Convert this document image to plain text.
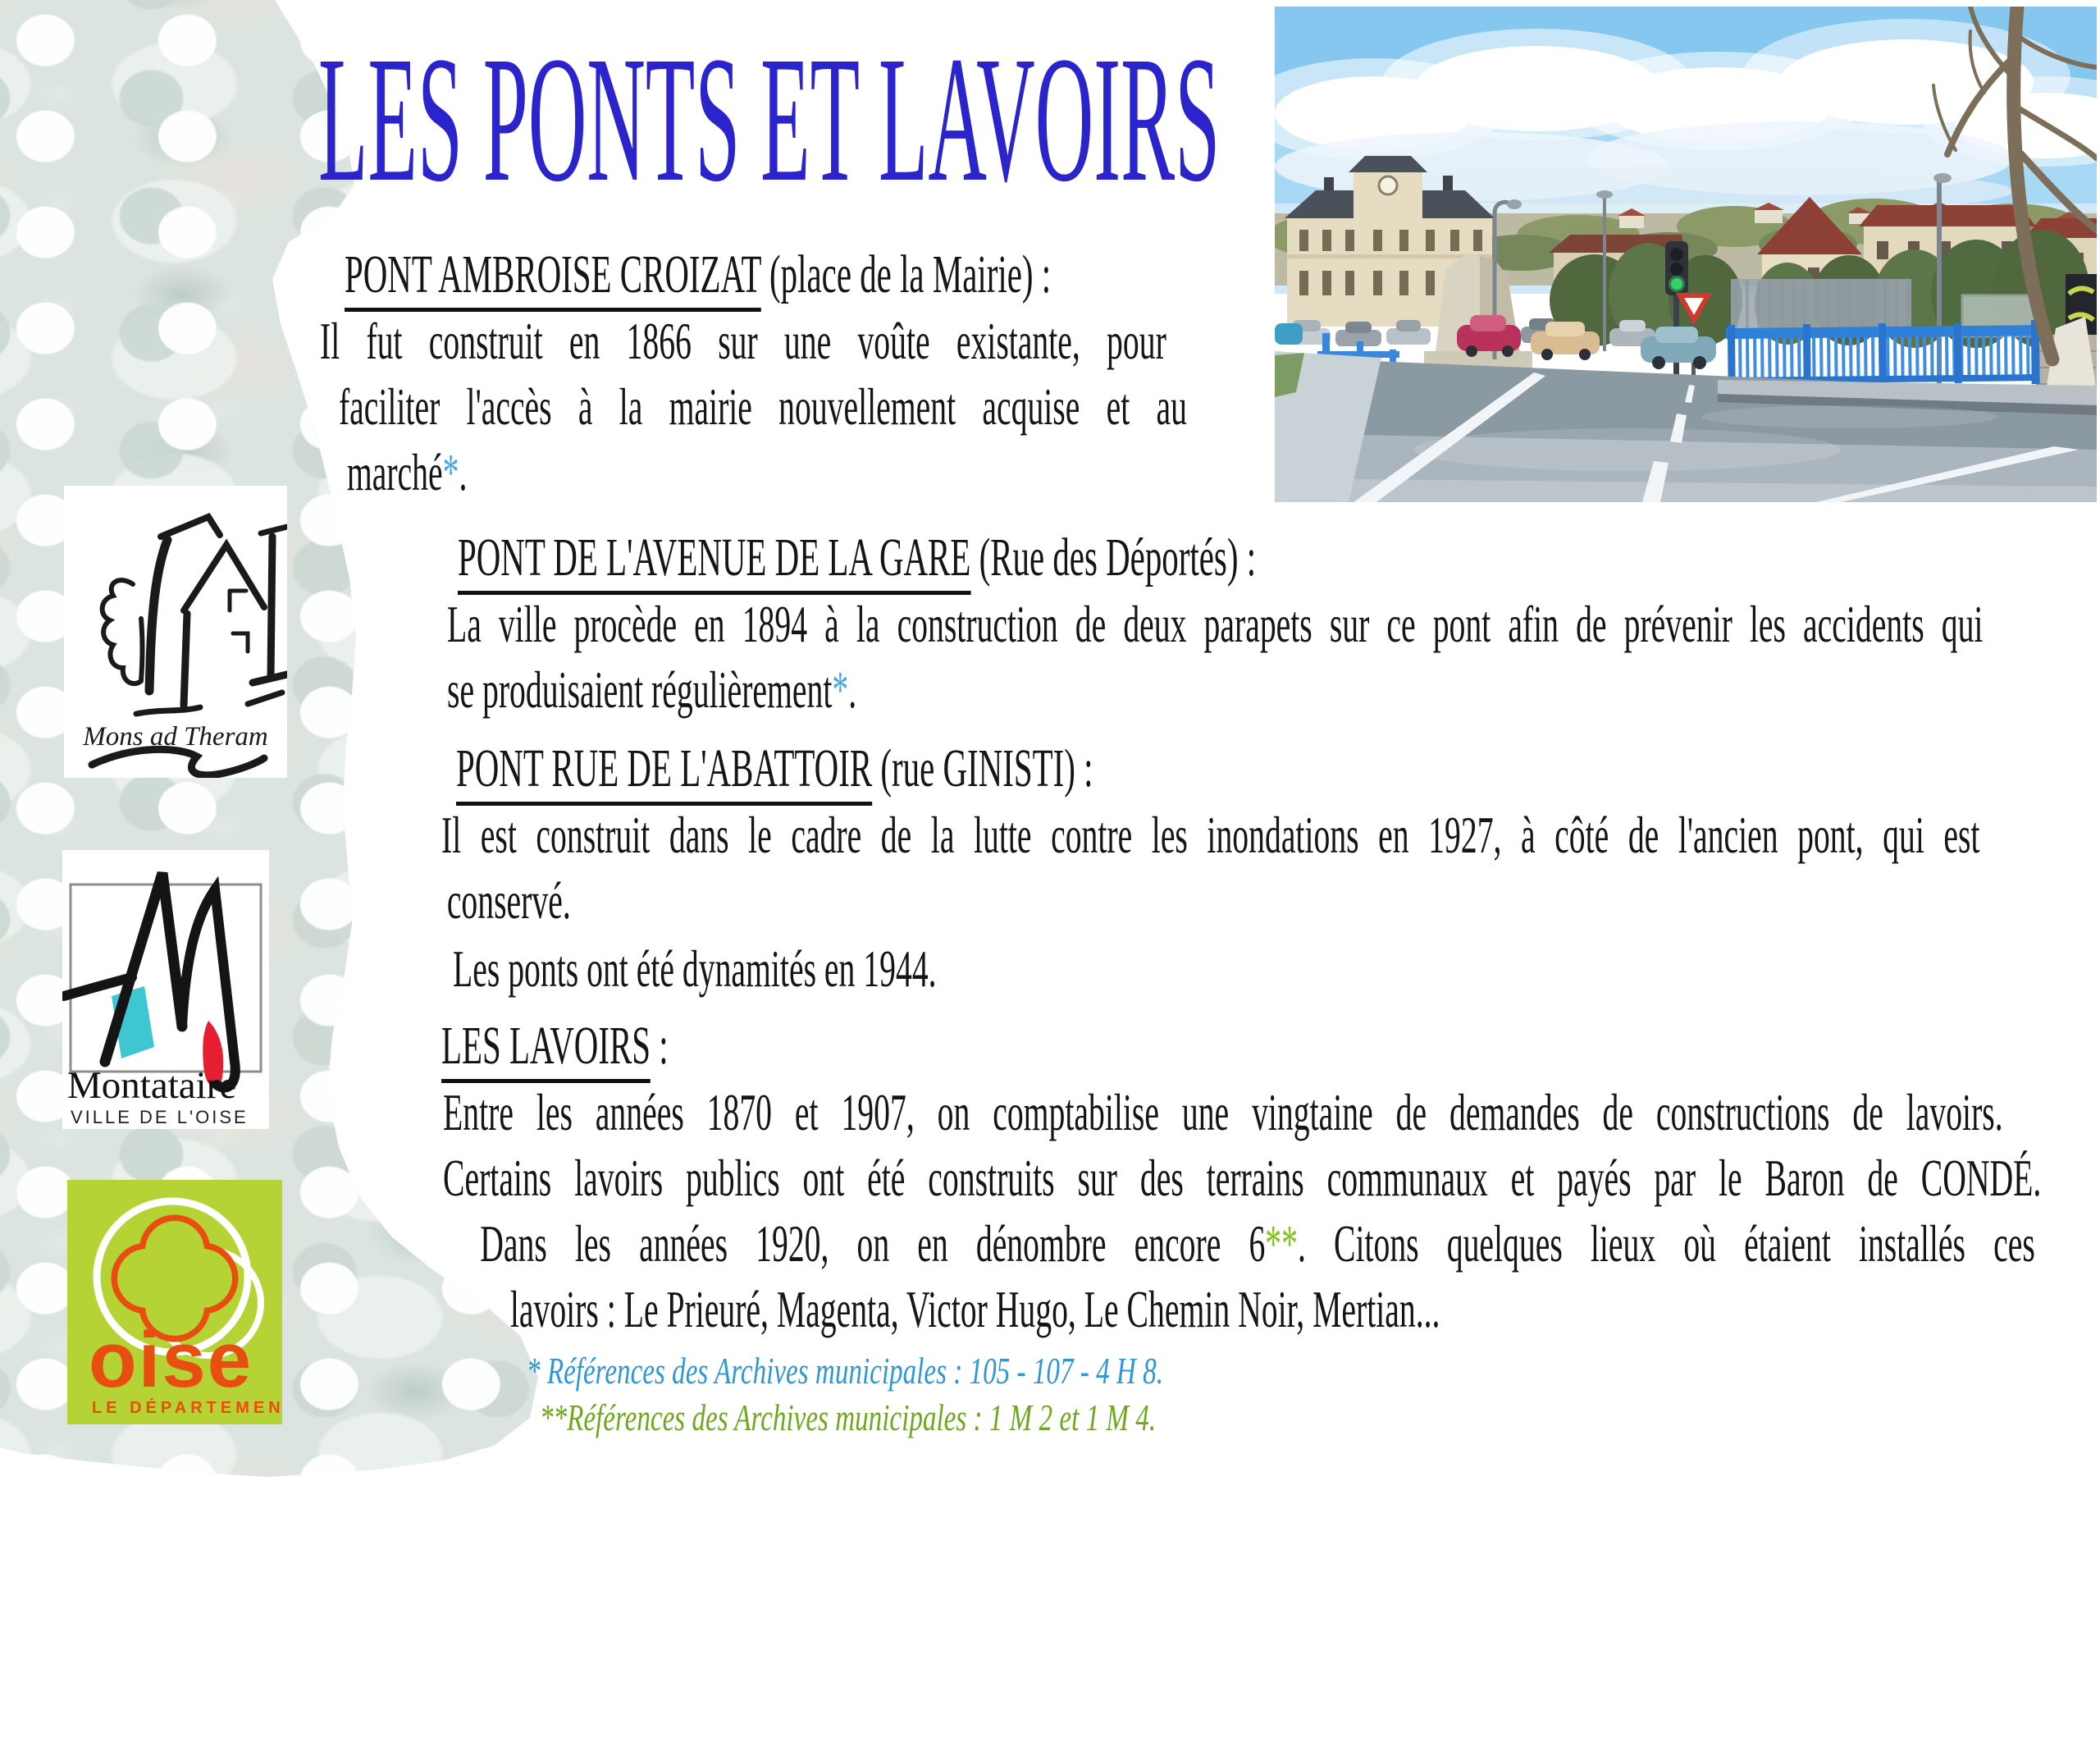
LES PONTS ET LAVOIRS
PONT AMBROISE CROIZAT (place de la Mairie) :
Il fut construit en 1866 sur une voûte existante, pour
faciliter l'accès à la mairie nouvellement acquise et au
marché*.
PONT DE L'AVENUE DE LA GARE (Rue des Déportés) :
La ville procède en 1894 à la construction de deux parapets sur ce pont afin de prévenir les accidents qui
se produisaient régulièrement*.
PONT RUE DE L'ABATTOIR (rue GINISTI) :
Il est construit dans le cadre de la lutte contre les inondations en 1927, à côté de l'ancien pont, qui est
conservé.
Les ponts ont été dynamités en 1944.
LES LAVOIRS :
Entre les années 1870 et 1907, on comptabilise une vingtaine de demandes de constructions de lavoirs.
Certains lavoirs publics ont été construits sur des terrains communaux et payés par le Baron de CONDÉ.
Dans les années 1920, on en dénombre encore 6**. Citons quelques lieux où étaient installés ces
lavoirs : Le Prieuré, Magenta, Victor Hugo, Le Chemin Noir, Mertian...
* Références des Archives municipales : 105 - 107 - 4 H 8.
**Références des Archives municipales : 1 M 2 et 1 M 4.
Mons ad Theram
Montataire
VILLE DE L'OISE
oise
LE DÉPARTEMENT
